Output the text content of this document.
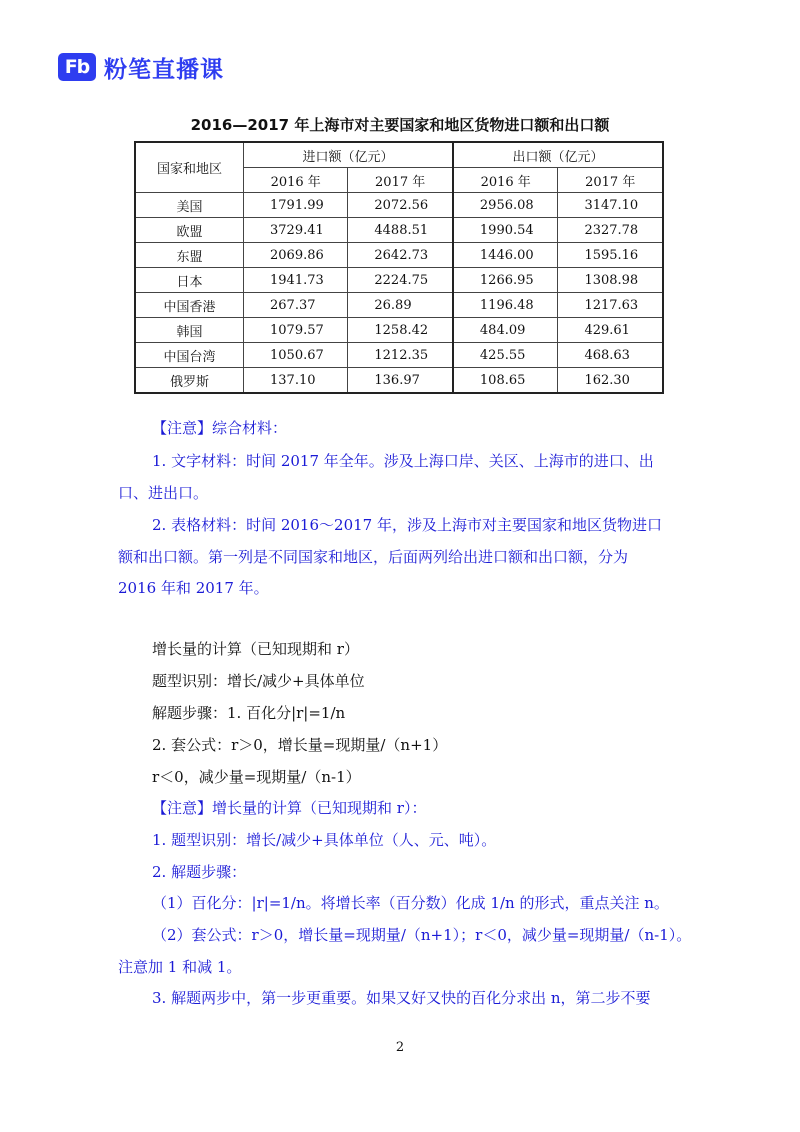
Fb 粉笔直播课
2016—2017 年上海市对主要国家和地区货物进口额和出口额
国家和地区	进口额（亿元）		出口额（亿元）	
	2016 年	2017 年	2016 年	2017 年
美国	1791.99	2072.56	2956.08	3147.10
欧盟	3729.41	4488.51	1990.54	2327.78
东盟	2069.86	2642.73	1446.00	1595.16
日本	1941.73	2224.75	1266.95	1308.98
中国香港	267.37	26.89	1196.48	1217.63
韩国	1079.57	1258.42	484.09	429.61
中国台湾	1050.67	1212.35	425.55	468.63
俄罗斯	137.10	136.97	108.65	162.30
【注意】综合材料：
1. 文字材料：时间 2017 年全年。涉及上海口岸、关区、上海市的进口、出
口、进出口。
2. 表格材料：时间 2016～2017 年，涉及上海市对主要国家和地区货物进口
额和出口额。第一列是不同国家和地区，后面两列给出进口额和出口额，分为
2016 年和 2017 年。
增长量的计算（已知现期和 r）
题型识别：增长/减少+具体单位
解题步骤：1. 百化分|r|=1/n
2. 套公式：r＞0，增长量=现期量/（n+1）
r＜0，减少量=现期量/（n-1）
【注意】增长量的计算（已知现期和 r）：
1. 题型识别：增长/减少+具体单位（人、元、吨）。
2. 解题步骤：
（1）百化分：|r|=1/n。将增长率（百分数）化成 1/n 的形式，重点关注 n。
（2）套公式：r＞0，增长量=现期量/（n+1）；r＜0，减少量=现期量/（n-1）。
注意加 1 和减 1。
3. 解题两步中，第一步更重要。如果又好又快的百化分求出 n，第二步不要
2
